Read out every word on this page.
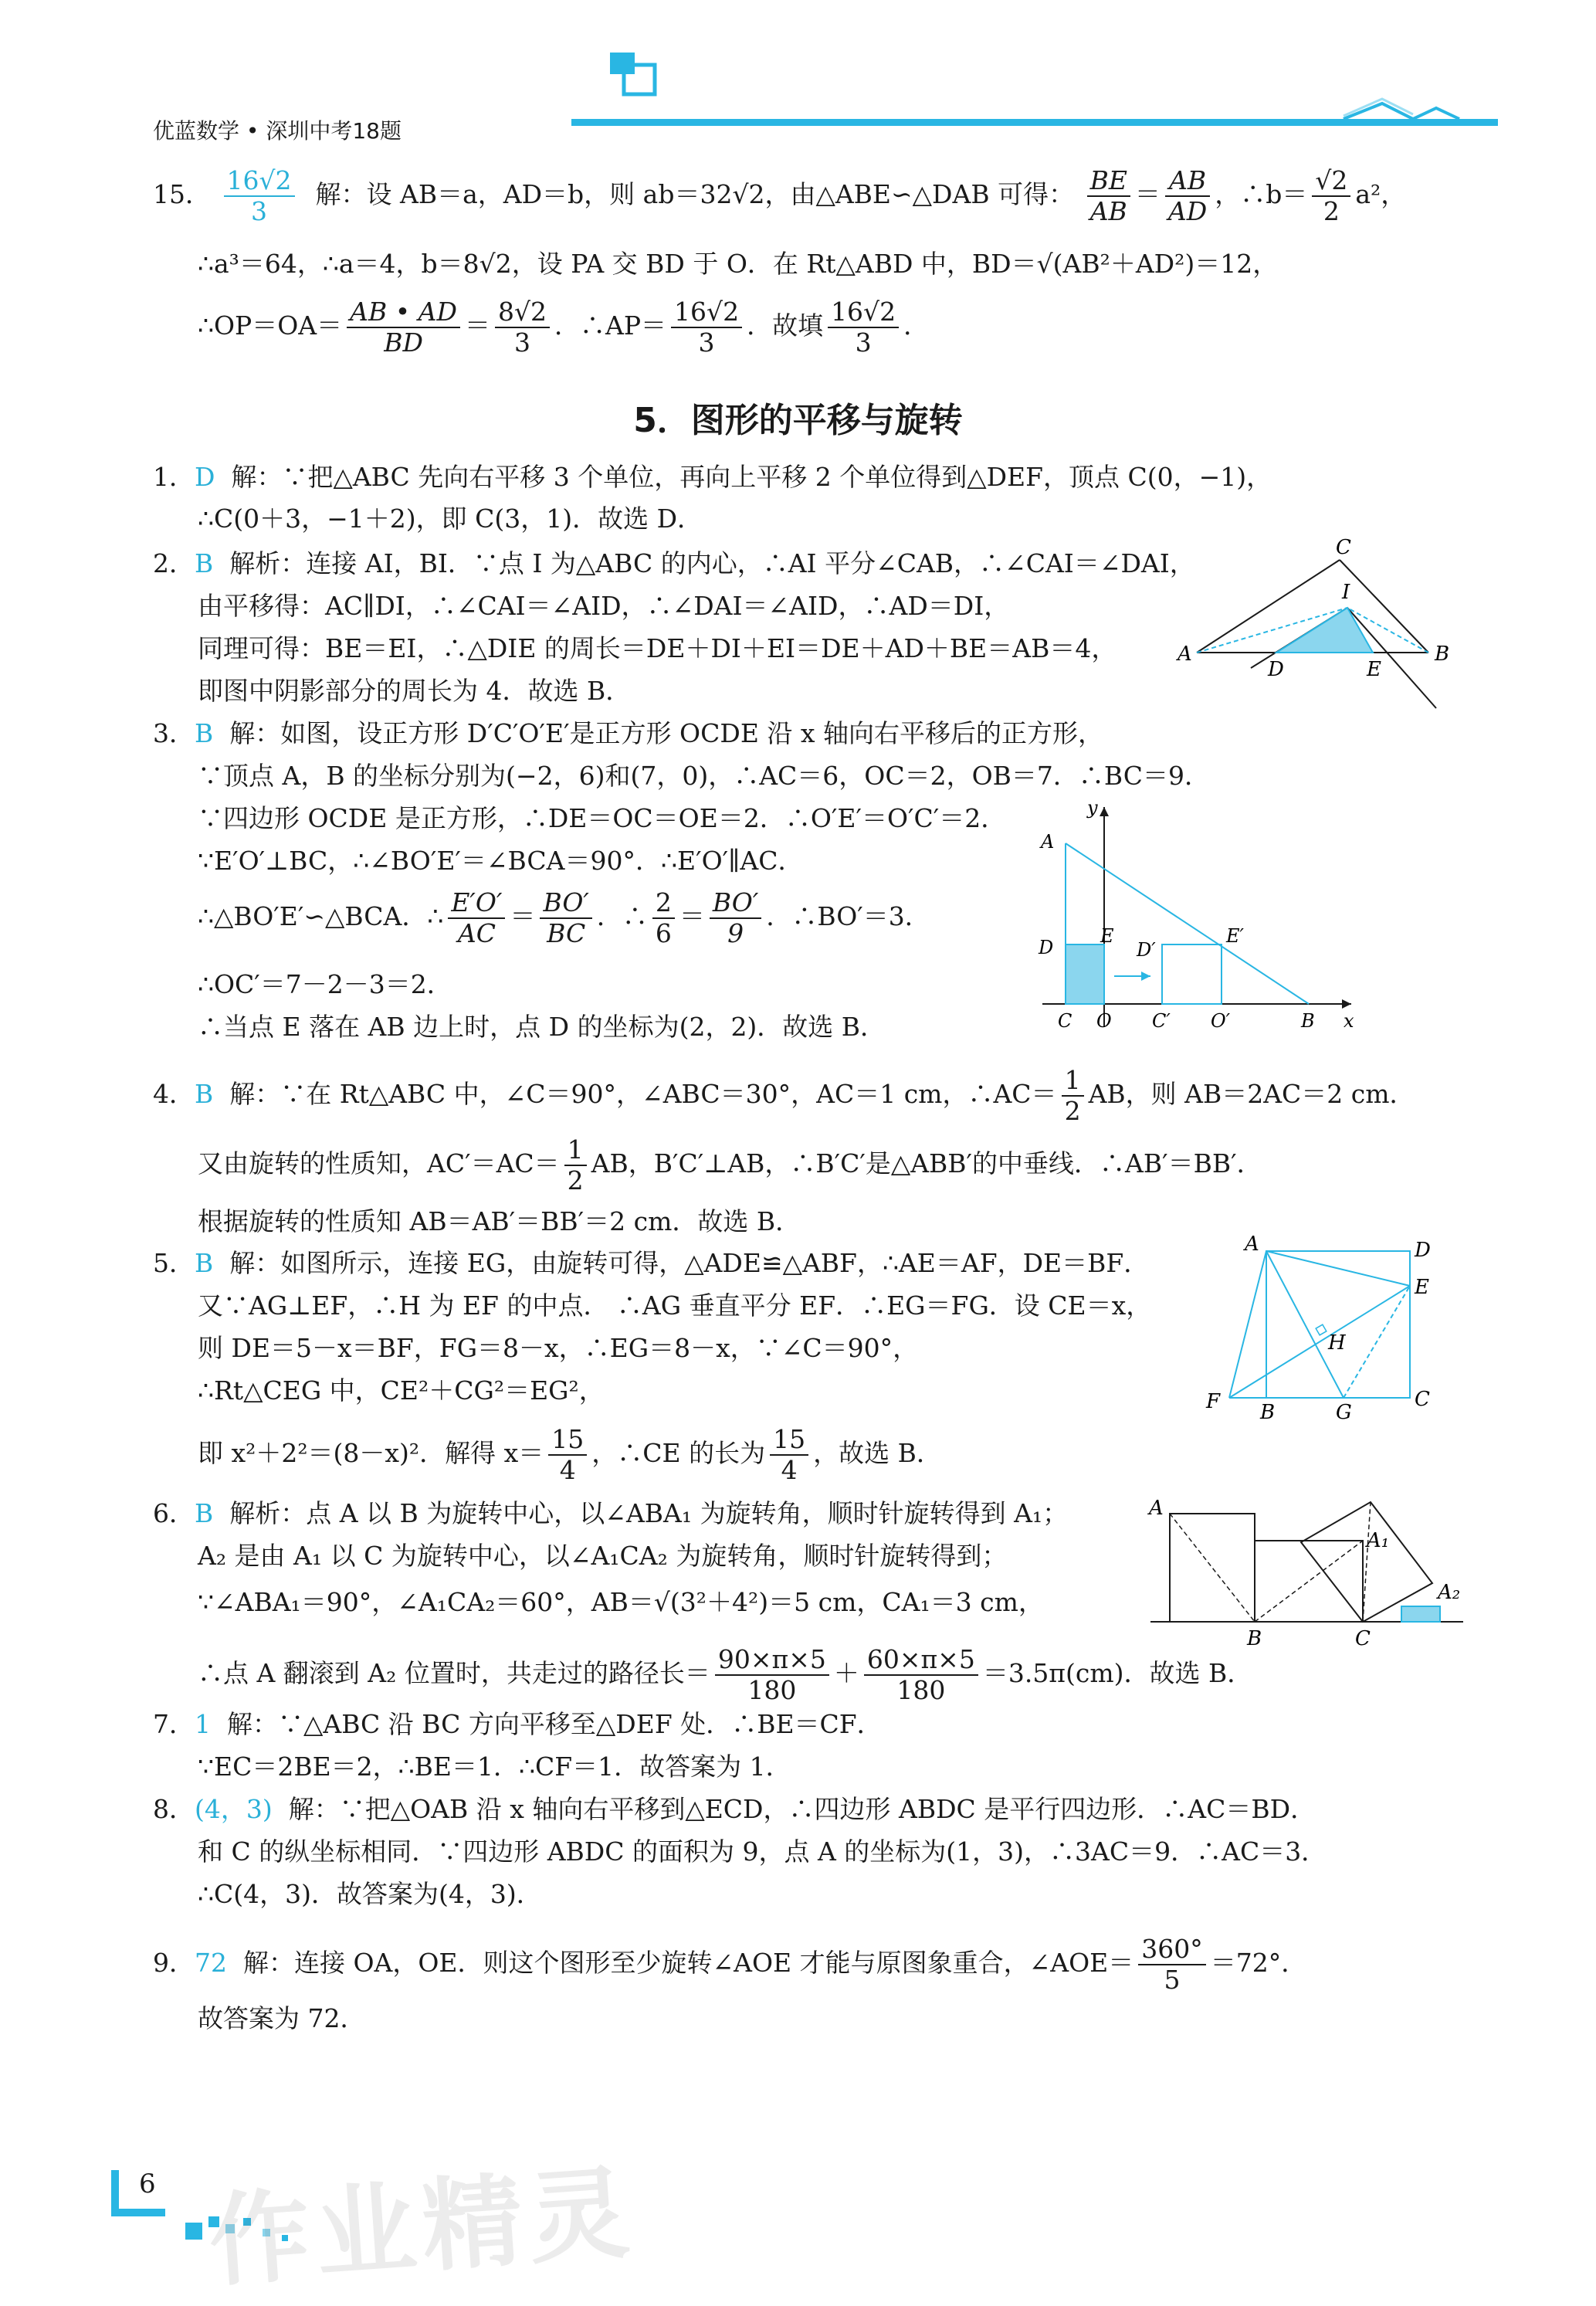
优蓝数学 • 深圳中考18题
15． $\frac{16√2}{3}$ 解：设 AB＝a，AD＝b，则 ab＝32√2，由△ABE∽△DAB 可得： $\frac{BE}{AB} = \frac{AB}{AD}$ ，∴b＝ $\frac{√2}{2} a^2$，
∴a³＝64，∴a＝4，b＝8√2，设 PA 交 BD 于 O．在 Rt△ABD 中，BD＝√(AB²＋AD²)＝12，
∴OP＝OA＝ $\frac{AB • AD}{BD} = \frac{8√2}{3}$ ．∴AP＝ $\frac{16√2}{3}$ ．故填 $\frac{16√2}{3}$ ．
5．图形的平移与旋转
1．D 解：∵把△ABC 先向右平移 3 个单位，再向上平移 2 个单位得到△DEF，顶点 C(0，−1)，
∴C(0＋3，−1＋2)，即 C(3，1)．故选 D．
2．B 解析：连接 AI，BI．∵点 I 为△ABC 的内心，∴AI 平分∠CAB，∴∠CAI＝∠DAI，
由平移得：AC∥DI，∴∠CAI＝∠AID，∴∠DAI＝∠AID，∴AD＝DI，
同理可得：BE＝EI，∴△DIE 的周长＝DE＋DI＋EI＝DE＋AD＋BE＝AB＝4，
即图中阴影部分的周长为 4．故选 B．
C
I
A
D	E
B
3．B 解：如图，设正方形 D′C′O′E′是正方形 OCDE 沿 x 轴向右平移后的正方形，
∵顶点 A，B 的坐标分别为(−2，6)和(7，0)，∴AC＝6，OC＝2，OB＝7．∴BC＝9．
∵四边形 OCDE 是正方形，∴DE＝OC＝OE＝2．∴O′E′＝O′C′＝2．
∵E′O′⊥BC，∴∠BO′E′＝∠BCA＝90°．∴E′O′∥AC．
∴△BO′E′∽△BCA．∴ $\frac{E'O'}{AC} = \frac{BO'}{BC}$ ．∴ $\frac{2}{6} = \frac{BO'}{9}$ ．∴BO′＝3．
∴OC′＝7－2－3＝2．
∴当点 E 落在 AB 边上时，点 D 的坐标为(2，2)．故选 B．
y
A
E
D	D′
E′
C O C′ O′	B x
4．B 解：∵在 Rt△ABC 中，∠C＝90°，∠ABC＝30°，AC＝1 cm，∴AC＝ $\frac{1}{2}$ AB，则 AB＝2AC＝2 cm．
又由旋转的性质知，$AC'=AC= \frac{1}{2}$ AB，B′C′⊥AB，∴B′C′是△ABB′的中垂线．∴AB′＝BB′．
根据旋转的性质知 AB＝AB′＝BB′＝2 cm．故选 B．
5．B 解：如图所示，连接 EG，由旋转可得，△ADE≌△ABF，∴AE＝AF，DE＝BF．
又∵AG⊥EF，∴H 为 EF 的中点． ∴AG 垂直平分 EF．∴EG＝FG．设 CE＝x，
则 DE＝5－x＝BF，FG＝8－x，∴EG＝8－x，∵∠C＝90°，
∴Rt△CEG 中，CE²＋CG²＝EG²，
即 x²＋2²＝(8－x)²．解得 $x= \frac{15}{4}$ ，∴CE 的长为 $\frac{15}{4}$ ，故选 B．
A	D
E
H
F B	G
C
6．B 解析：点 A 以 B 为旋转中心，以∠ABA₁ 为旋转角，顺时针旋转得到 A₁；
A₂ 是由 A₁ 以 C 为旋转中心，以∠A₁CA₂ 为旋转角，顺时针旋转得到；
∵∠ABA₁＝90°，∠A₁CA₂＝60°，AB＝√(3²＋4²)＝5 cm，CA₁＝3 cm，
∴点 A 翻滚到 A₂ 位置时，共走过的路径长＝ $\frac{90\times\pi\times 5}{180} + \frac{60\times\pi\times 5}{180} =3.5\pi(cm)$．故选 B．
A
A₁
A₂
B	C
7．1 解：∵△ABC 沿 BC 方向平移至△DEF 处．∴BE＝CF．
∵EC＝2BE＝2，∴BE＝1．∴CF＝1．故答案为 1．
8．(4，3) 解：∵把△OAB 沿 x 轴向右平移到△ECD，∴四边形 ABDC 是平行四边形．∴AC＝BD．
和 C 的纵坐标相同．∵四边形 ABDC 的面积为 9，点 A 的坐标为(1，3)，∴3AC＝9．∴AC＝3．
∴C(4，3)．故答案为(4，3)．
9．72 解：连接 OA，OE．则这个图形至少旋转∠AOE 才能与原图象重合，∠AOE＝ $\frac{360^\circ}{5} =72^\circ$．
故答案为 72．
6 作业精灵
